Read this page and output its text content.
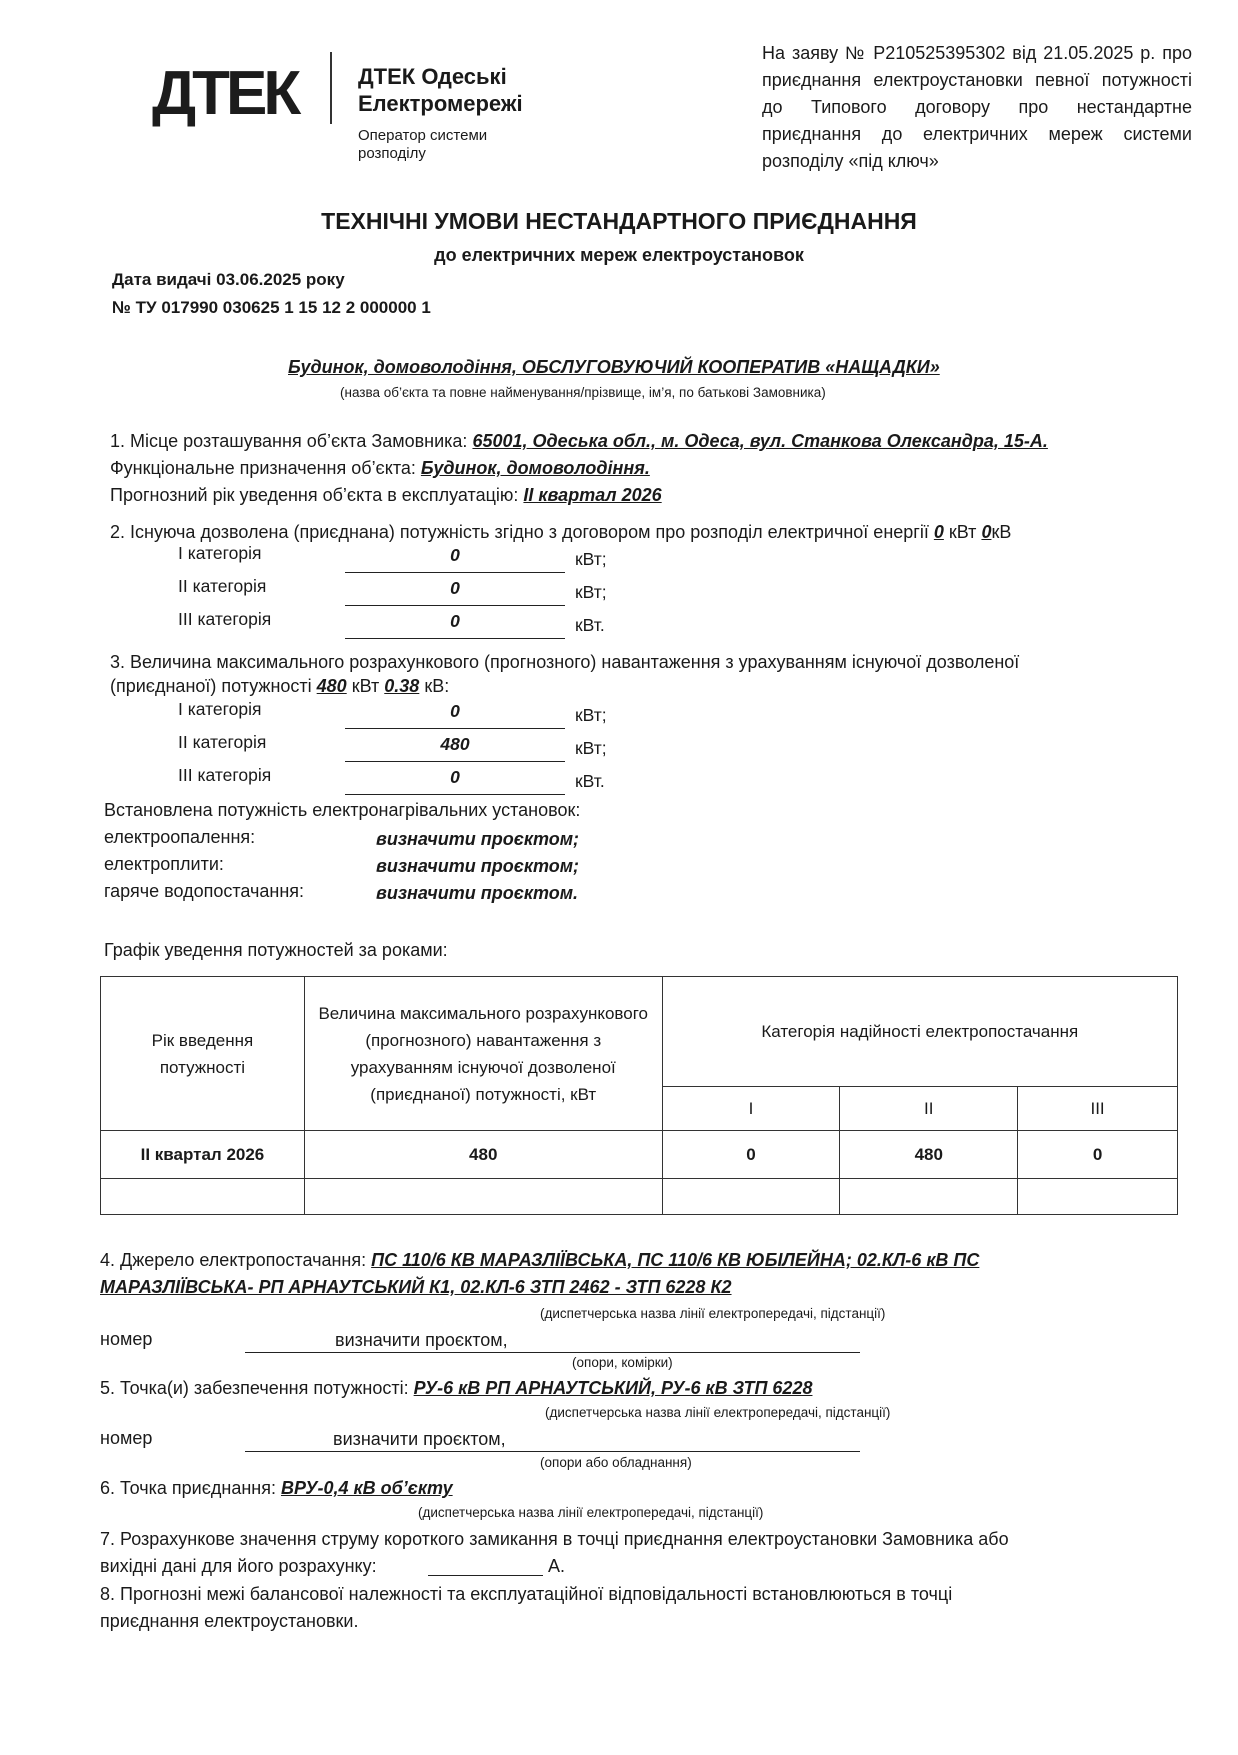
ДТЕК	ДТЕК Одеські
Електромережі
Оператор системи
розподілу
На заяву № Р210525395302 від 21.05.2025 р. про приєднання електроустановки певної потужності до Типового договору про нестандартне приєднання до електричних мереж системи розподілу «під ключ»
ТЕХНІЧНІ УМОВИ НЕСТАНДАРТНОГО ПРИЄДНАННЯ
до електричних мереж електроустановок
Дата видачі 03.06.2025 року
№ ТУ 017990 030625 1 15 12 2 000000 1
Будинок, домоволодіння, ОБСЛУГОВУЮЧИЙ КООПЕРАТИВ «НАЩАДКИ»
(назва об’єкта та повне найменування/прізвище, ім’я, по батькові Замовника)
1. Місце розташування об’єкта Замовника: 65001, Одеська обл., м. Одеса, вул. Станкова Олександра, 15-А.
Функціональне призначення об’єкта: Будинок, домоволодіння.
Прогнозний рік уведення об’єкта в експлуатацію: ІІ квартал 2026
2. Існуюча дозволена (приєднана) потужність згідно з договором про розподіл електричної енергії 0 кВт 0кВ
І категорія	0	кВт;
ІІ категорія	0	кВт;
ІІІ категорія	0	кВт.
3. Величина максимального розрахункового (прогнозного) навантаження з урахуванням існуючої дозволеної
(приєднаної) потужності 480 кВт 0.38 кВ:
І категорія	0	кВт;
ІІ категорія	480	кВт;
ІІІ категорія	0	кВт.
Встановлена потужність електронагрівальних установок:
електроопалення:	визначити проєктом;
електроплити:	визначити проєктом;
гаряче водопостачання:	визначити проєктом.
Графік уведення потужностей за роками:
Рік введення потужності	Величина максимального розрахункового (прогнозного) навантаження з урахуванням існуючої дозволеної (приєднаної) потужності, кВт	Категорія надійності електропостачання		
		І	ІІ	ІІІ
ІІ квартал 2026	480	0	480	0

4. Джерело електропостачання: ПС 110/6 КВ МАРАЗЛІЇВСЬКА, ПС 110/6 КВ ЮБІЛЕЙНА; 02.КЛ-6 кВ ПС
МАРАЗЛІЇВСЬКА- РП АРНАУТСЬКИЙ К1, 02.КЛ-6 ЗТП 2462 - ЗТП 6228 К2
(диспетчерська назва лінії електропередачі, підстанції)
номер	визначити проєктом,
(опори, комірки)
5. Точка(и) забезпечення потужності: РУ-6 кВ РП АРНАУТСЬКИЙ, РУ-6 кВ ЗТП 6228
(диспетчерська назва лінії електропередачі, підстанції)
номер	визначити проєктом,
(опори або обладнання)
6. Точка приєднання: ВРУ-0,4 кВ об’єкту
(диспетчерська назва лінії електропередачі, підстанції)
7. Розрахункове значення струму короткого замикання в точці приєднання електроустановки Замовника або
вихідні дані для його розрахунку:	А.
8. Прогнозні межі балансової належності та експлуатаційної відповідальності встановлюються в точці
приєднання електроустановки.
